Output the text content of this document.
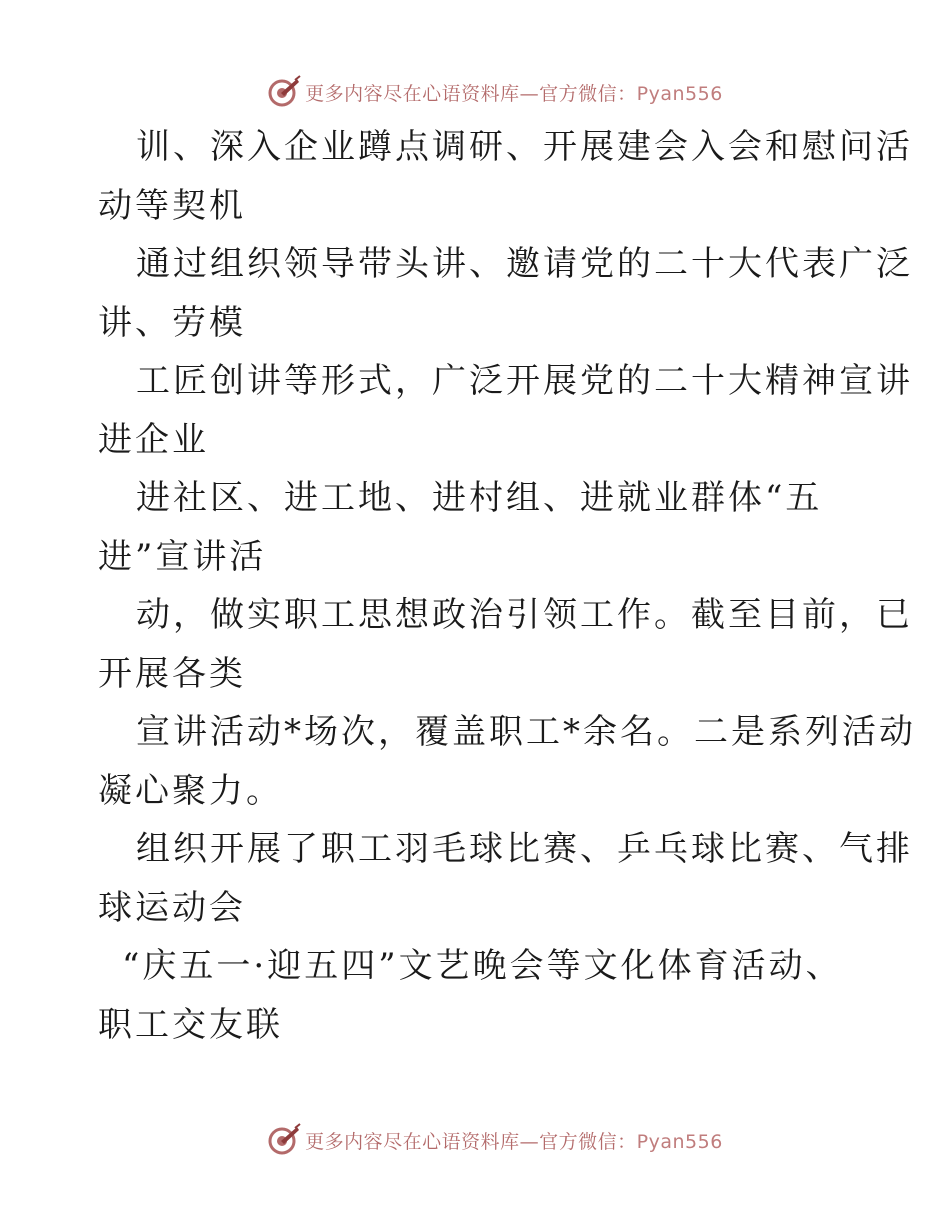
更多内容尽在心语资料库—官方微信：Pyan556
训、深入企业蹲点调研、开展建会入会和慰问活
动等契机
通过组织领导带头讲、邀请党的二十大代表广泛
讲、劳模
工匠创讲等形式，广泛开展党的二十大精神宣讲
进企业
进社区、进工地、进村组、进就业群体“五
进”宣讲活
动，做实职工思想政治引领工作。截至目前，已
开展各类
宣讲活动*场次，覆盖职工*余名。二是系列活动
凝心聚力。
组织开展了职工羽毛球比赛、乒乓球比赛、气排
球运动会
“庆五一·迎五四”文艺晚会等文化体育活动、
职工交友联
更多内容尽在心语资料库—官方微信：Pyan556
